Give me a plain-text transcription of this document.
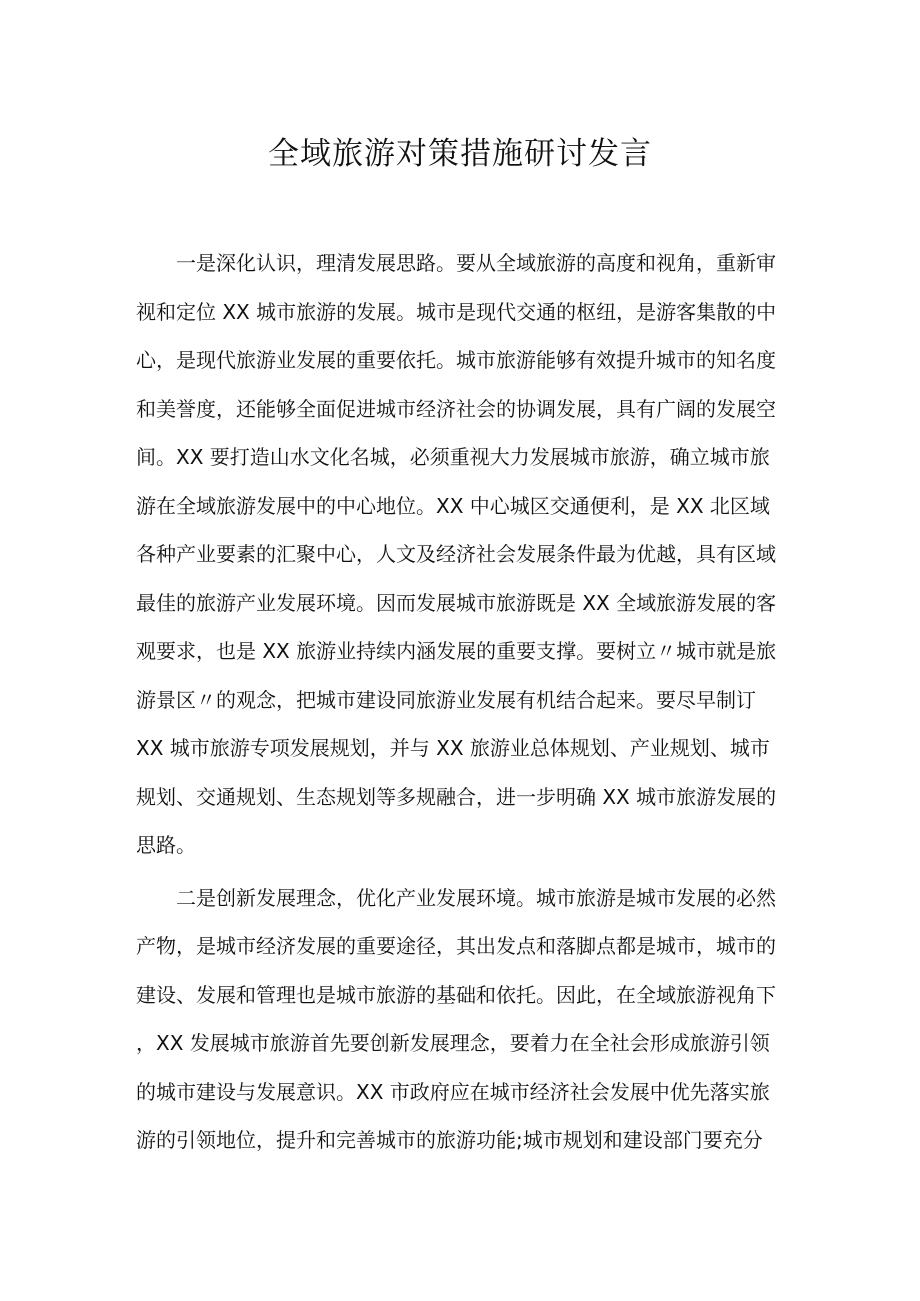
全域旅游对策措施研讨发言
一是深化认识，理清发展思路。要从全域旅游的高度和视角，重新审
视和定位 XX 城市旅游的发展。城市是现代交通的枢纽，是游客集散的中
心，是现代旅游业发展的重要依托。城市旅游能够有效提升城市的知名度
和美誉度，还能够全面促进城市经济社会的协调发展，具有广阔的发展空
间。XX 要打造山水文化名城，必须重视大力发展城市旅游，确立城市旅
游在全域旅游发展中的中心地位。XX 中心城区交通便利，是 XX 北区域
各种产业要素的汇聚中心，人文及经济社会发展条件最为优越，具有区域
最佳的旅游产业发展环境。因而发展城市旅游既是 XX 全域旅游发展的客
观要求，也是 XX 旅游业持续内涵发展的重要支撑。要树立〃城市就是旅
游景区〃的观念，把城市建设同旅游业发展有机结合起来。要尽早制订
XX 城市旅游专项发展规划，并与 XX 旅游业总体规划、产业规划、城市
规划、交通规划、生态规划等多规融合，进一步明确 XX 城市旅游发展的
思路。
二是创新发展理念，优化产业发展环境。城市旅游是城市发展的必然
产物，是城市经济发展的重要途径，其出发点和落脚点都是城市，城市的
建设、发展和管理也是城市旅游的基础和依托。因此，在全域旅游视角下
，XX 发展城市旅游首先要创新发展理念，要着力在全社会形成旅游引领
的城市建设与发展意识。XX 市政府应在城市经济社会发展中优先落实旅
游的引领地位，提升和完善城市的旅游功能;城市规划和建设部门要充分
